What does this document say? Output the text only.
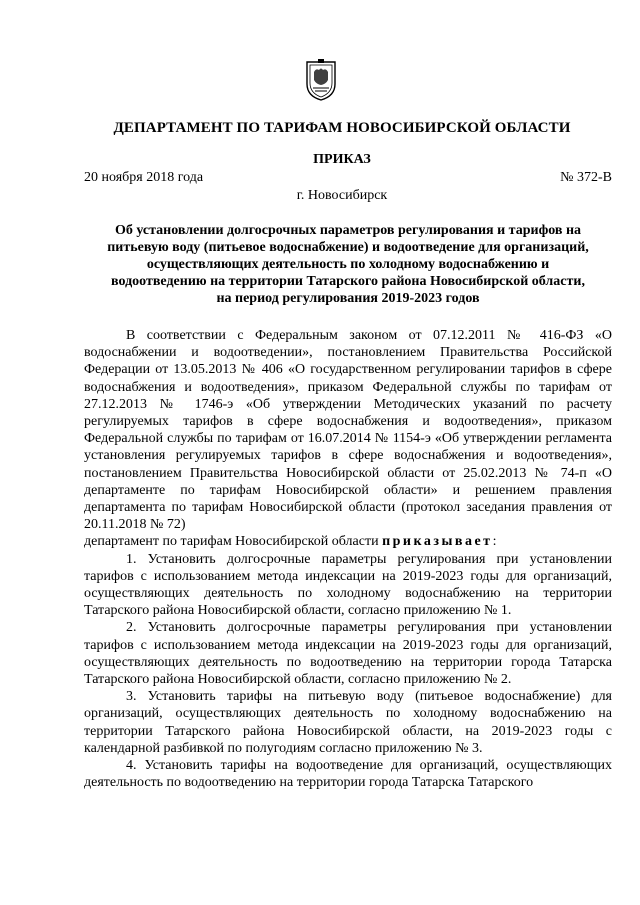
ДЕПАРТАМЕНТ ПО ТАРИФАМ НОВОСИБИРСКОЙ ОБЛАСТИ
ПРИКАЗ
20 ноября 2018 года	№ 372-В
г. Новосибирск
Об установлении долгосрочных параметров регулирования и тарифов на
питьевую воду (питьевое водоснабжение) и водоотведение для организаций,
осуществляющих деятельность по холодному водоснабжению и
водоотведению на территории Татарского района Новосибирской области,
на период регулирования 2019-2023 годов

В соответствии с Федеральным законом от 07.12.2011 № 416-ФЗ «О водоснабжении и водоотведении», постановлением Правительства Российской Федерации от 13.05.2013 № 406 «О государственном регулировании тарифов в сфере водоснабжения и водоотведения», приказом Федеральной службы по тарифам от 27.12.2013 № 1746-э «Об утверждении Методических указаний по расчету регулируемых тарифов в сфере водоснабжения и водоотведения», приказом Федеральной службы по тарифам от 16.07.2014 № 1154-э «Об утверждении регламента установления регулируемых тарифов в сфере водоснабжения и водоотведения», постановлением Правительства Новосибирской области от 25.02.2013 № 74-п «О департаменте по тарифам Новосибирской области» и решением правления департамента по тарифам Новосибирской области (протокол заседания правления от 20.11.2018 № 72)

департамент по тарифам Новосибирской области приказывает:

1. Установить долгосрочные параметры регулирования при установлении тарифов с использованием метода индексации на 2019-2023 годы для организаций, осуществляющих деятельность по холодному водоснабжению на территории Татарского района Новосибирской области, согласно приложению № 1.

2. Установить долгосрочные параметры регулирования при установлении тарифов с использованием метода индексации на 2019-2023 годы для организаций, осуществляющих деятельность по водоотведению на территории города Татарска Татарского района Новосибирской области, согласно приложению № 2.

3. Установить тарифы на питьевую воду (питьевое водоснабжение) для организаций, осуществляющих деятельность по холодному водоснабжению на территории Татарского района Новосибирской области, на 2019-2023 годы с календарной разбивкой по полугодиям согласно приложению № 3.

4. Установить тарифы на водоотведение для организаций, осуществляющих деятельность по водоотведению на территории города Татарска Татарского
